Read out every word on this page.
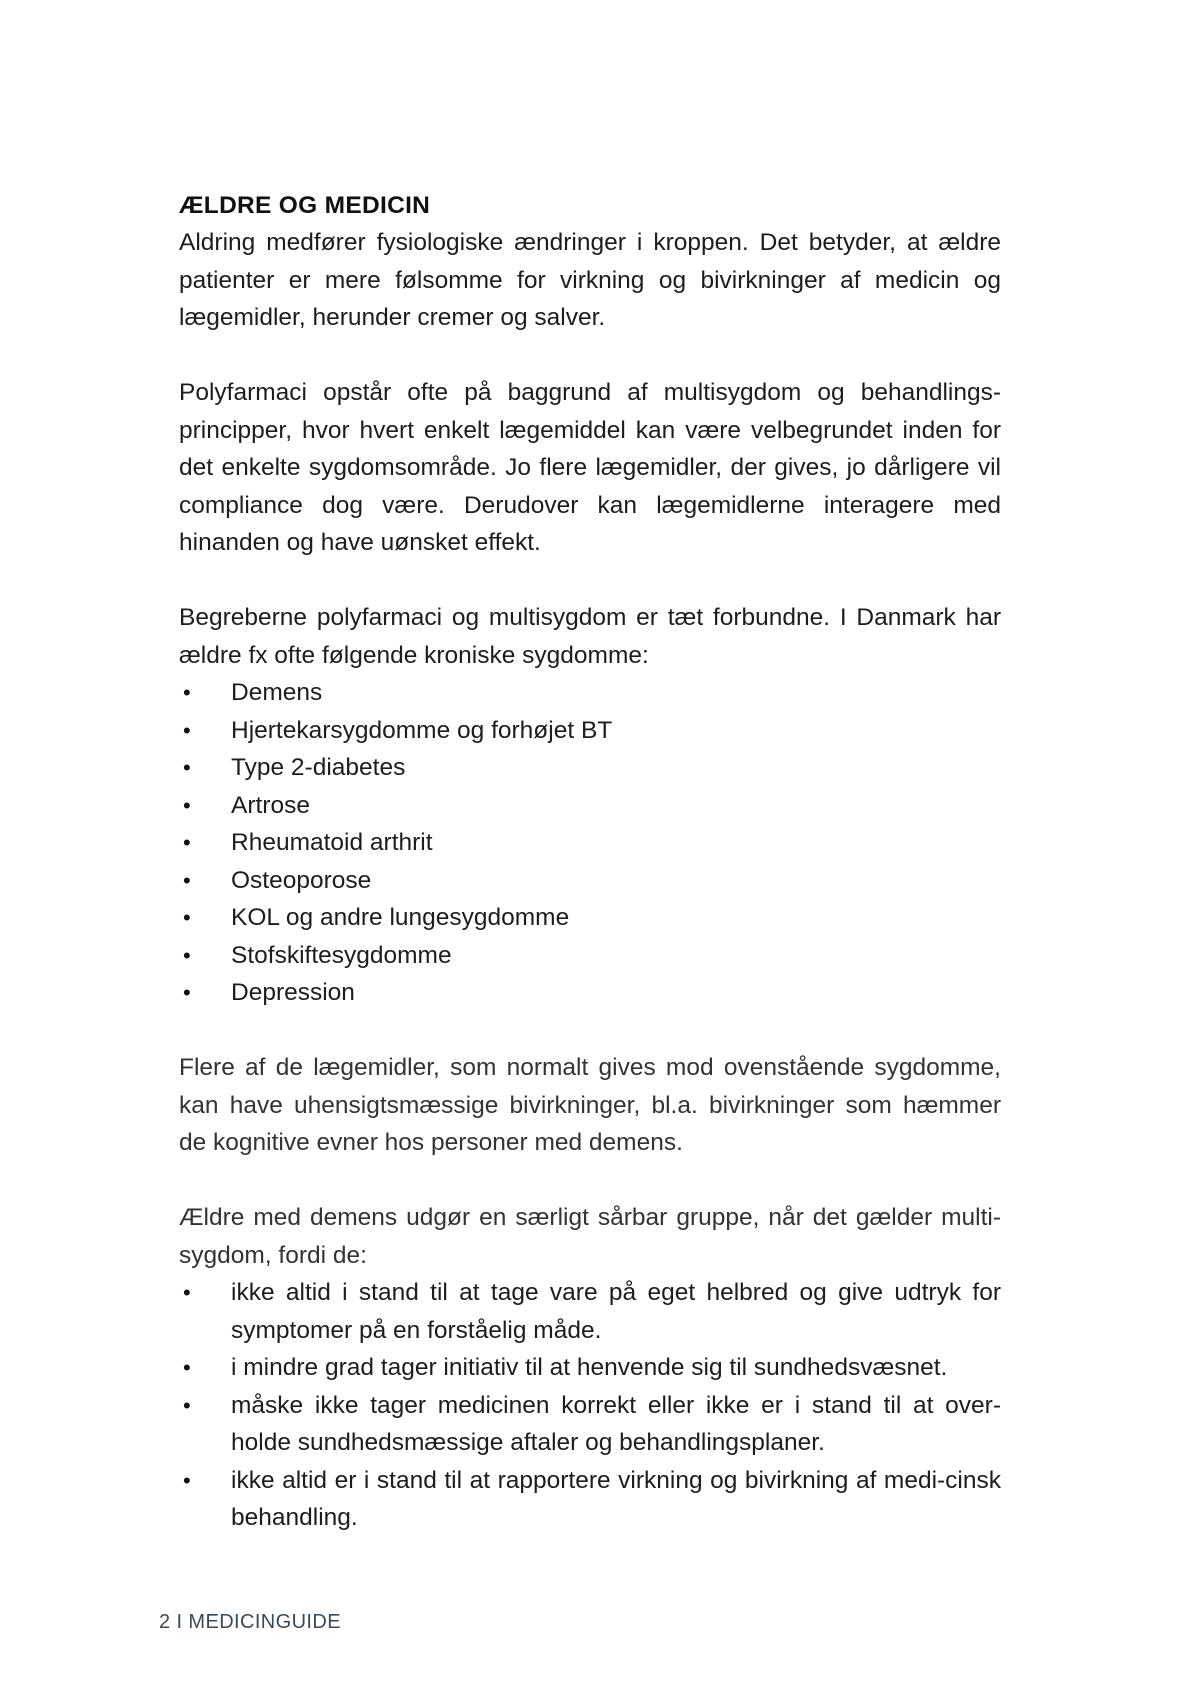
ÆLDRE OG MEDICIN

Aldring medfører fysiologiske ændringer i kroppen. Det betyder, at ældre patienter er mere følsomme for virkning og bivirkninger af medicin og lægemidler, herunder cremer og salver.

Polyfarmaci opstår ofte på baggrund af multisygdom og behandlings-principper, hvor hvert enkelt lægemiddel kan være velbegrundet inden for det enkelte sygdomsområde. Jo flere lægemidler, der gives, jo dårligere vil compliance dog være. Derudover kan lægemidlerne interagere med hinanden og have uønsket effekt.

Begreberne polyfarmaci og multisygdom er tæt forbundne. I Danmark har ældre fx ofte følgende kroniske sygdomme:

•	Demens
•	Hjertekarsygdomme og forhøjet BT
•	Type 2-diabetes
•	Artrose
•	Rheumatoid arthrit
•	Osteoporose
•	KOL og andre lungesygdomme
•	Stofskiftesygdomme
•	Depression

Flere af de lægemidler, som normalt gives mod ovenstående sygdomme, kan have uhensigtsmæssige bivirkninger, bl.a. bivirkninger som hæmmer de kognitive evner hos personer med demens.

Ældre med demens udgør en særligt sårbar gruppe, når det gælder multi-sygdom, fordi de:

•	ikke altid i stand til at tage vare på eget helbred og give udtryk for symptomer på en forståelig måde.
•	i mindre grad tager initiativ til at henvende sig til sundhedsvæsnet.
•	måske ikke tager medicinen korrekt eller ikke er i stand til at over-holde sundhedsmæssige aftaler og behandlingsplaner.
•	ikke altid er i stand til at rapportere virkning og bivirkning af medi-cinsk behandling.
2 I MEDICINGUIDE
